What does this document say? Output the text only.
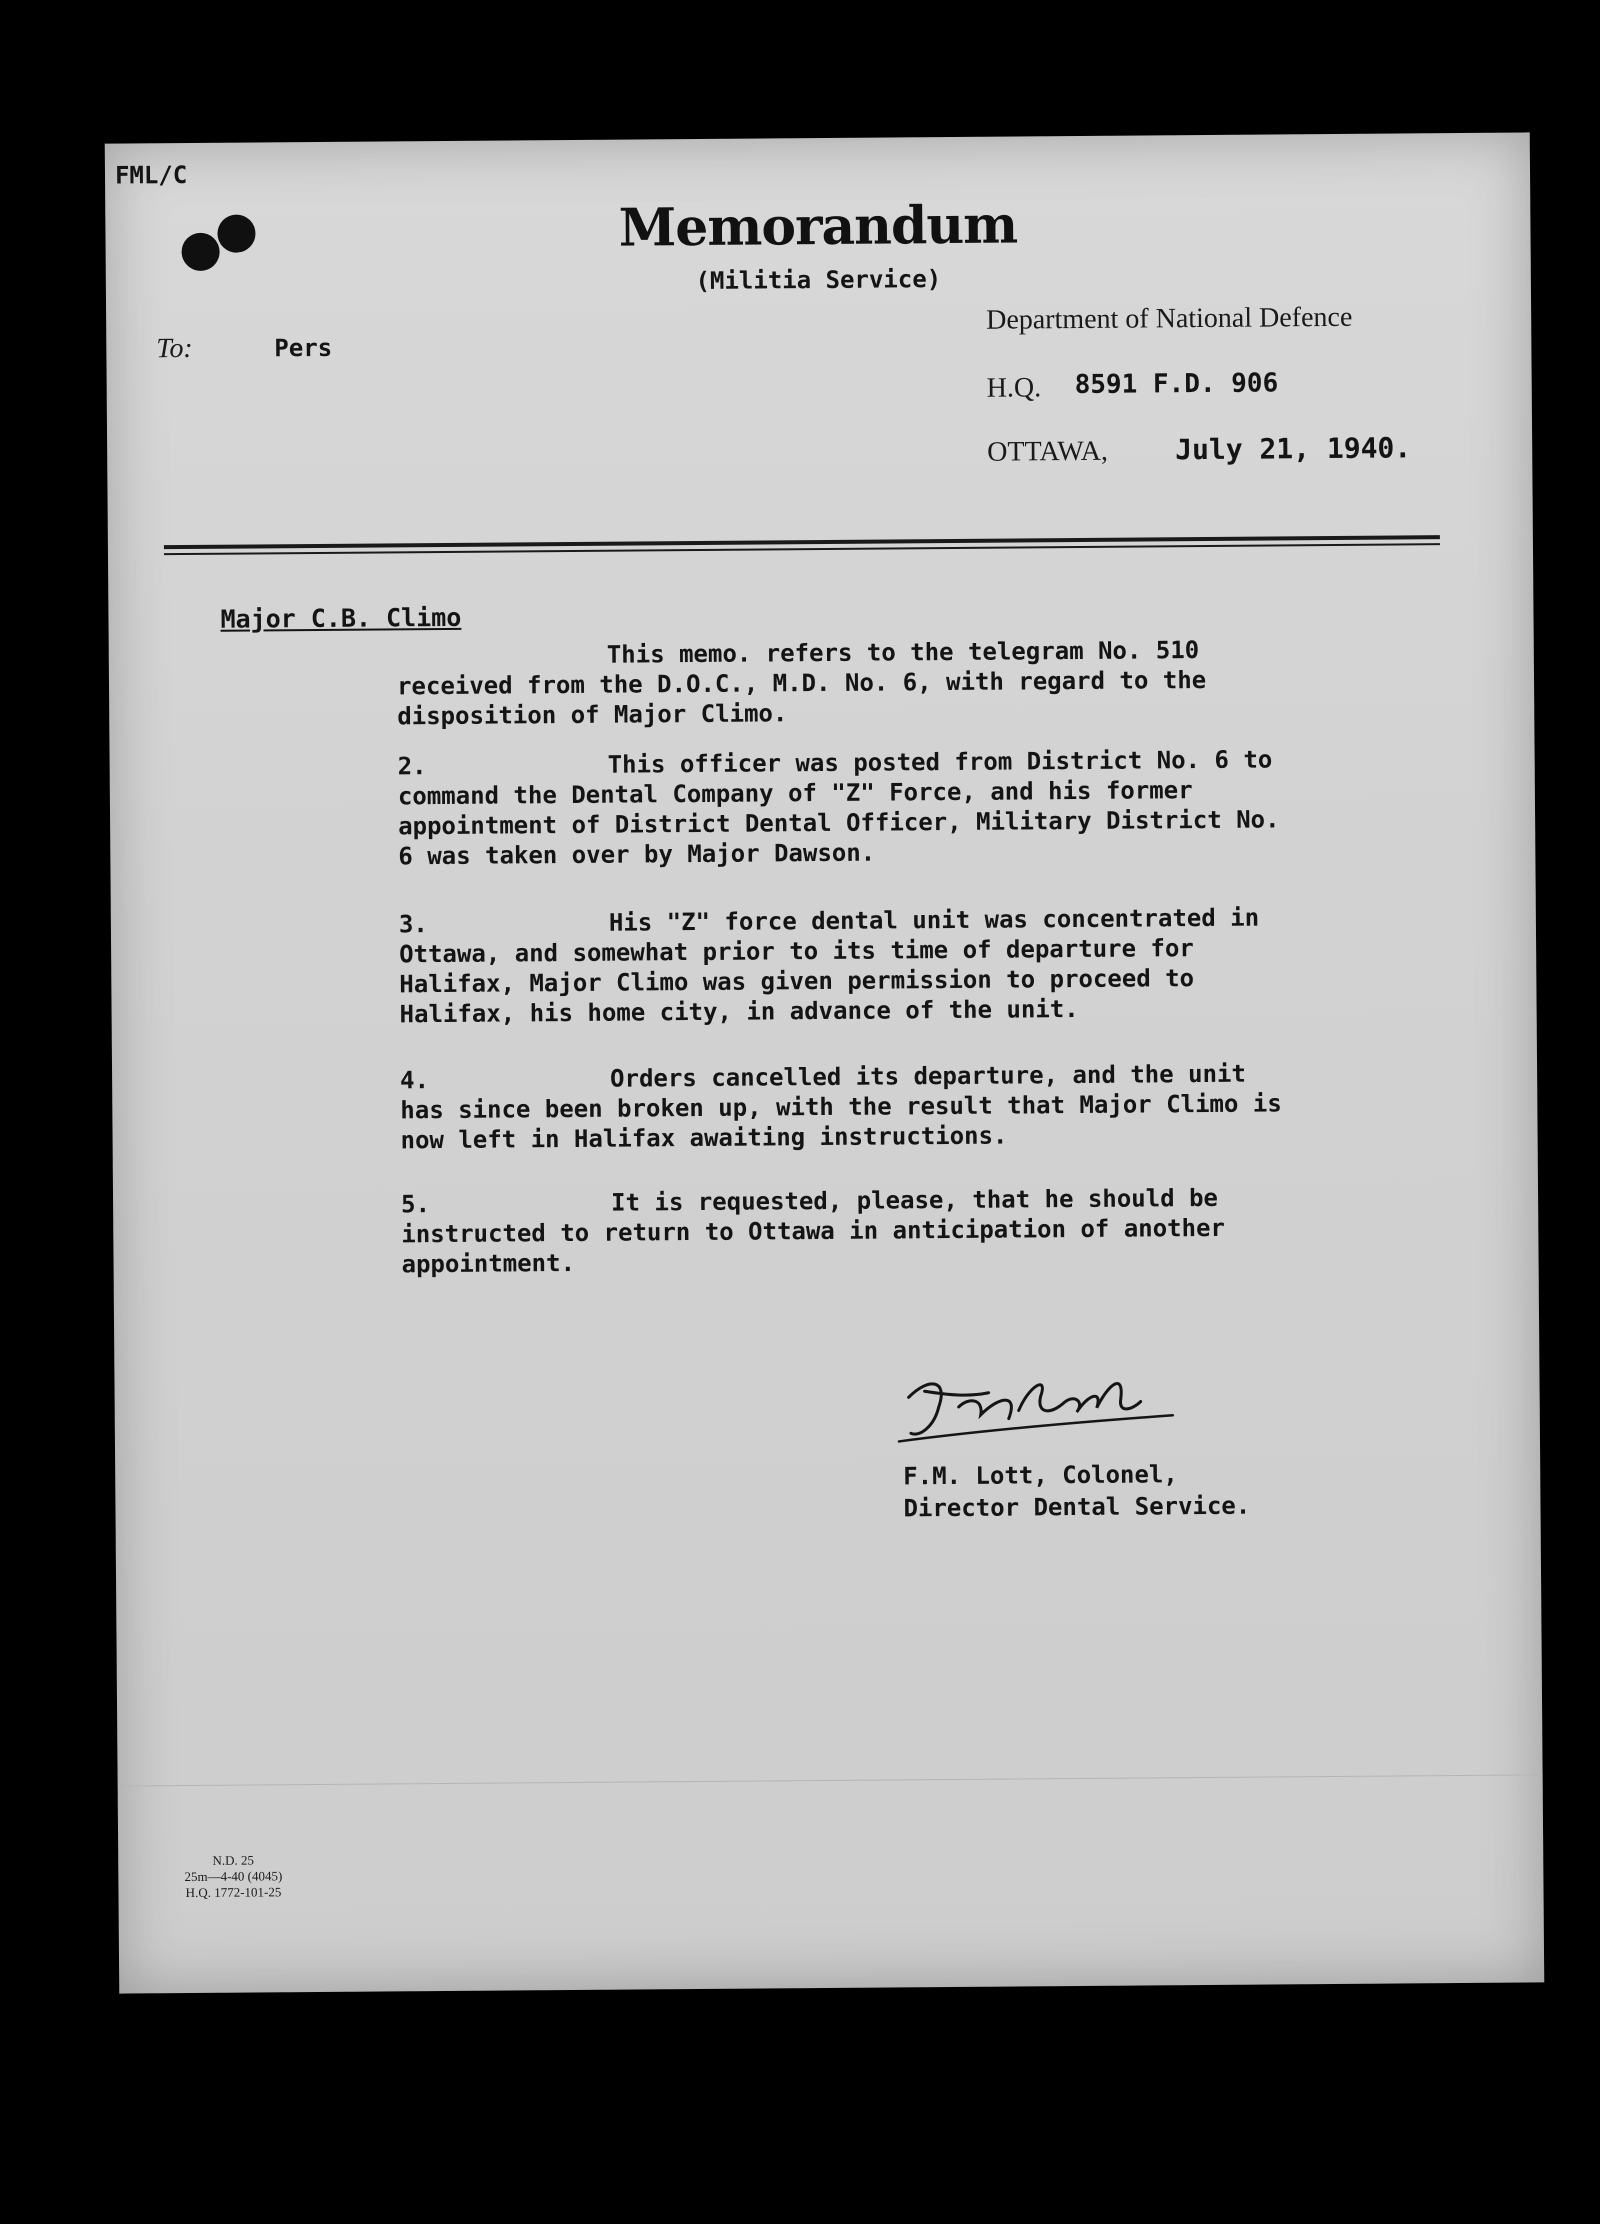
FML/C
Memorandum
(Militia Service)
To:	Pers
Department of National Defence
H.Q. 8591 F.D. 906
OTTAWA, July 21, 1940.
Major C.B. Climo
This memo. refers to the telegram No. 510 received from the D.O.C., M.D. No. 6, with regard to the disposition of Major Climo.
2.	This officer was posted from District No. 6 to command the Dental Company of "Z" Force, and his former appointment of District Dental Officer, Military District No. 6 was taken over by Major Dawson.
3.	His "Z" force dental unit was concentrated in Ottawa, and somewhat prior to its time of departure for Halifax, Major Climo was given permission to proceed to Halifax, his home city, in advance of the unit.
4.	Orders cancelled its departure, and the unit has since been broken up, with the result that Major Climo is now left in Halifax awaiting instructions.
5.	It is requested, please, that he should be instructed to return to Ottawa in anticipation of another appointment.
F.M. Lott, Colonel,
Director Dental Service.
N.D. 25
25m—4-40 (4045)
H.Q. 1772-101-25
